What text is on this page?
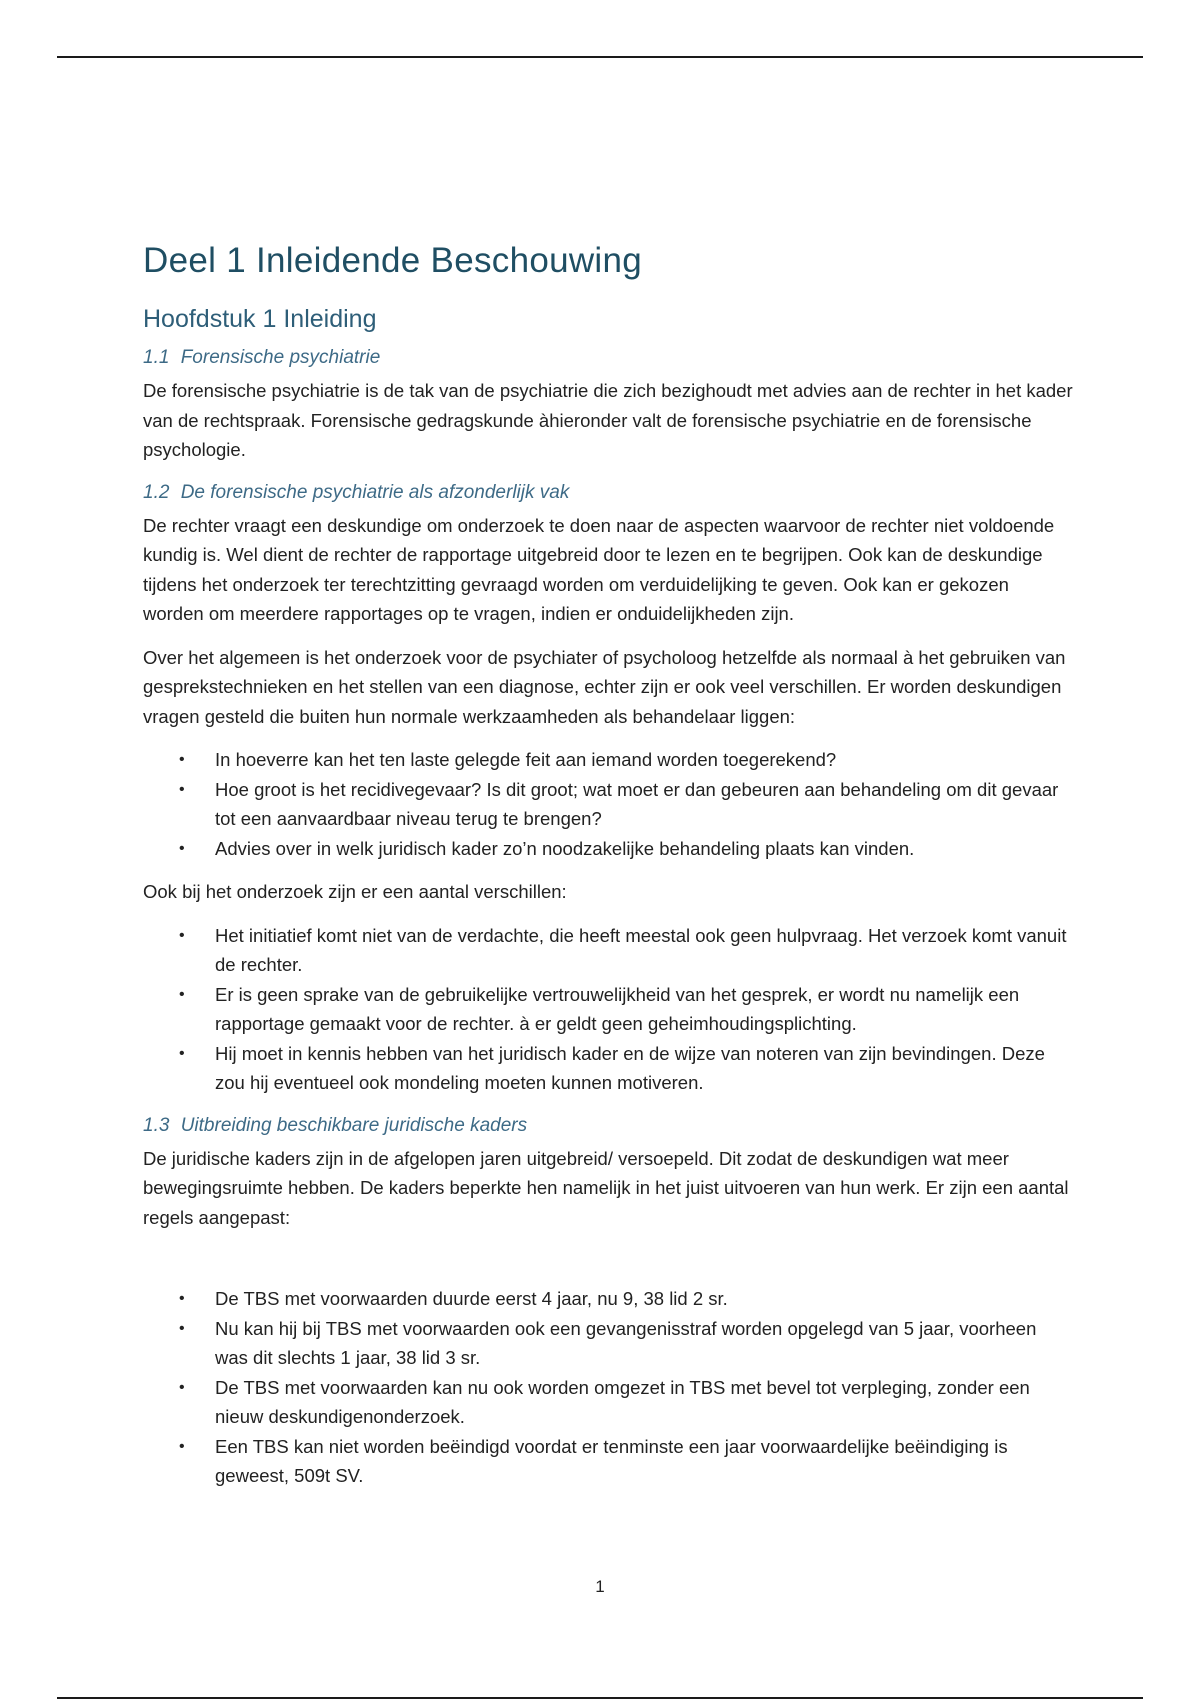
Deel 1 Inleidende Beschouwing
Hoofdstuk 1 Inleiding
1.1 Forensische psychiatrie

De forensische psychiatrie is de tak van de psychiatrie die zich bezighoudt met advies aan de rechter in het kader van de rechtspraak. Forensische gedragskunde àhieronder valt de forensische psychiatrie en de forensische psychologie.

1.2 De forensische psychiatrie als afzonderlijk vak

De rechter vraagt een deskundige om onderzoek te doen naar de aspecten waarvoor de rechter niet voldoende kundig is. Wel dient de rechter de rapportage uitgebreid door te lezen en te begrijpen. Ook kan de deskundige tijdens het onderzoek ter terechtzitting gevraagd worden om verduidelijking te geven. Ook kan er gekozen worden om meerdere rapportages op te vragen, indien er onduidelijkheden zijn.

Over het algemeen is het onderzoek voor de psychiater of psycholoog hetzelfde als normaal à het gebruiken van gesprekstechnieken en het stellen van een diagnose, echter zijn er ook veel verschillen. Er worden deskundigen vragen gesteld die buiten hun normale werkzaamheden als behandelaar liggen:

• In hoeverre kan het ten laste gelegde feit aan iemand worden toegerekend?
• Hoe groot is het recidivegevaar? Is dit groot; wat moet er dan gebeuren aan behandeling om dit gevaar tot een aanvaardbaar niveau terug te brengen?
• Advies over in welk juridisch kader zo’n noodzakelijke behandeling plaats kan vinden.

Ook bij het onderzoek zijn er een aantal verschillen:

• Het initiatief komt niet van de verdachte, die heeft meestal ook geen hulpvraag. Het verzoek komt vanuit de rechter.
• Er is geen sprake van de gebruikelijke vertrouwelijkheid van het gesprek, er wordt nu namelijk een rapportage gemaakt voor de rechter. à er geldt geen geheimhoudingsplichting.
• Hij moet in kennis hebben van het juridisch kader en de wijze van noteren van zijn bevindingen. Deze zou hij eventueel ook mondeling moeten kunnen motiveren.
1.3 Uitbreiding beschikbare juridische kaders

De juridische kaders zijn in de afgelopen jaren uitgebreid/ versoepeld. Dit zodat de deskundigen wat meer bewegingsruimte hebben. De kaders beperkte hen namelijk in het juist uitvoeren van hun werk. Er zijn een aantal regels aangepast:

• De TBS met voorwaarden duurde eerst 4 jaar, nu 9, 38 lid 2 sr.
• Nu kan hij bij TBS met voorwaarden ook een gevangenisstraf worden opgelegd van 5 jaar, voorheen was dit slechts 1 jaar, 38 lid 3 sr.
• De TBS met voorwaarden kan nu ook worden omgezet in TBS met bevel tot verpleging, zonder een nieuw deskundigenonderzoek.
• Een TBS kan niet worden beëindigd voordat er tenminste een jaar voorwaardelijke beëindiging is geweest, 509t SV.
1
